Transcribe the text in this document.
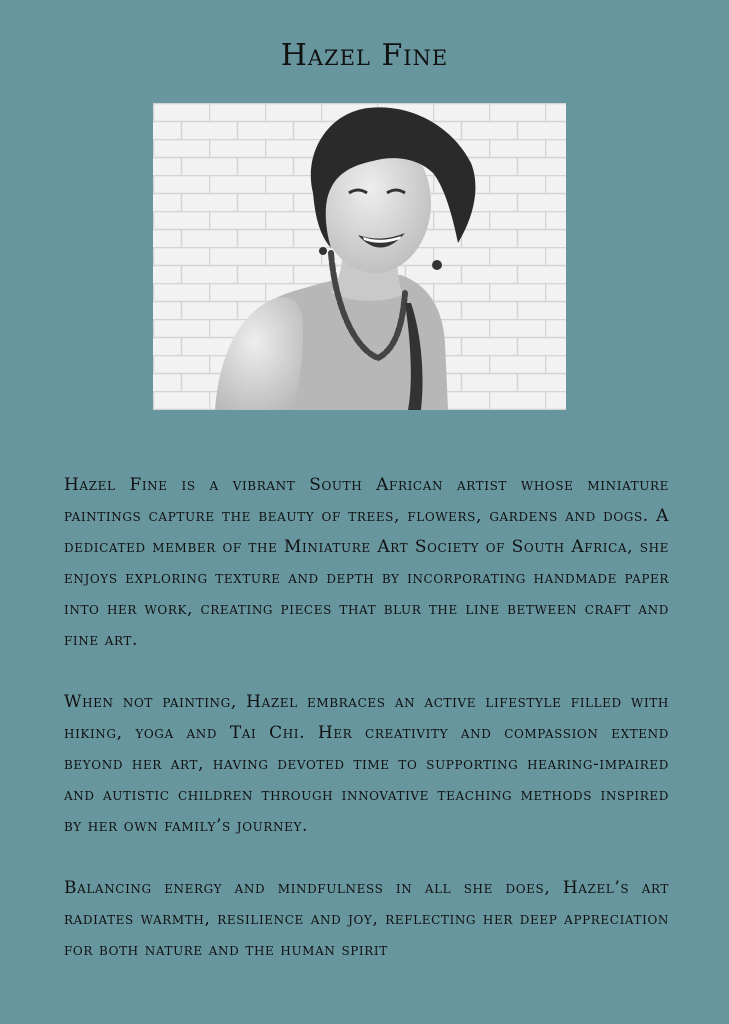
Hazel Fine

Hazel Fine is a vibrant South African artist whose miniature paintings capture the beauty of trees, flowers, gardens and dogs. A dedicated member of the Miniature Art Society of South Africa, she enjoys exploring texture and depth by incorporating handmade paper into her work, creating pieces that blur the line between craft and fine art.

When not painting, Hazel embraces an active lifestyle filled with hiking, yoga and Tai Chi. Her creativity and compassion extend beyond her art, having devoted time to supporting hearing-impaired and autistic children through innovative teaching methods inspired by her own family’s journey.

Balancing energy and mindfulness in all she does, Hazel’s art radiates warmth, resilience and joy, reflecting her deep appreciation for both nature and the human spirit
